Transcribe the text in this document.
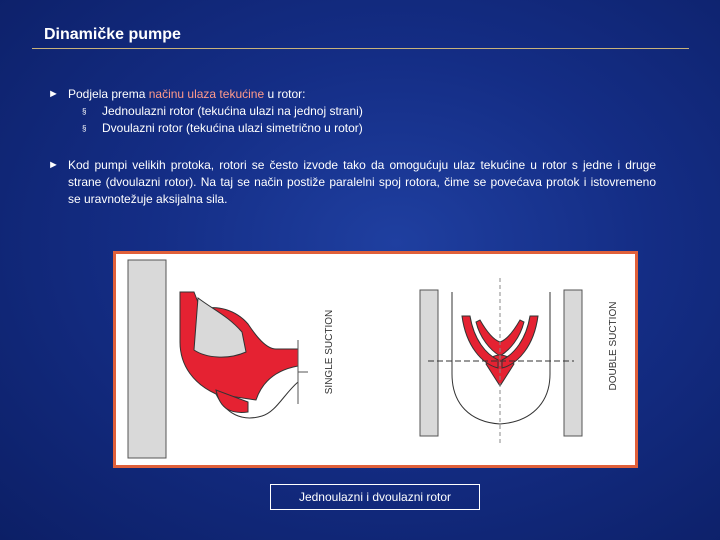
Dinamičke pumpe
► Podjela prema načinu ulaza tekućine u rotor:
§	Jednoulazni rotor (tekućina ulazi na jednoj strani)
§	Dvoulazni rotor (tekućina ulazi simetrično u rotor)
► Kod pumpi velikih protoka, rotori se često izvode tako da omogućuju ulaz tekućine u rotor s jedne i druge strane (dvoulazni rotor). Na taj se način postiže paralelni spoj rotora, čime se povećava protok i istovremeno se uravnotežuje aksijalna sila.
SINGLE SUCTION	DOUBLE SUCTION
Jednoulazni i dvoulazni rotor
